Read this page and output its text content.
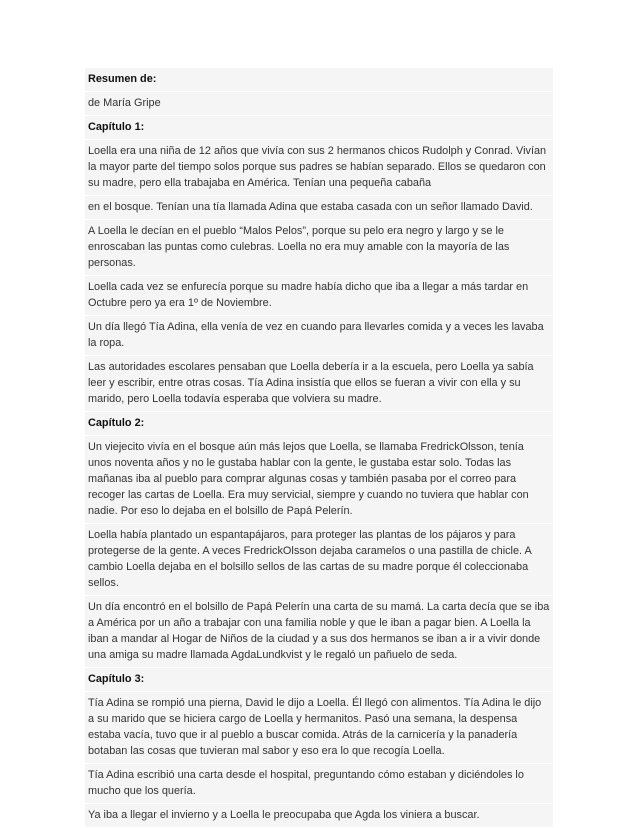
Resumen de:

de María Gripe

Capítulo 1:

Loella era una niña de 12 años que vivía con sus 2 hermanos chicos Rudolph y Conrad. Vivían la mayor parte del tiempo solos porque sus padres se habían separado. Ellos se quedaron con su madre, pero ella trabajaba en América. Tenían una pequeña cabaña

en el bosque. Tenían una tía llamada Adina que estaba casada con un señor llamado David.

A Loella le decían en el pueblo “Malos Pelos”, porque su pelo era negro y largo y se le enroscaban las puntas como culebras. Loella no era muy amable con la mayoría de las personas.

Loella cada vez se enfurecía porque su madre había dicho que iba a llegar a más tardar en Octubre pero ya era 1º de Noviembre.

Un día llegó Tía Adina, ella venía de vez en cuando para llevarles comida y a veces les lavaba la ropa.

Las autoridades escolares pensaban que Loella debería ir a la escuela, pero Loella ya sabía leer y escribir, entre otras cosas. Tía Adina insistía que ellos se fueran a vivir con ella y su marido, pero Loella todavía esperaba que volviera su madre.

Capítulo 2:

Un viejecito vivía en el bosque aún más lejos que Loella, se llamaba FredrickOlsson, tenía unos noventa años y no le gustaba hablar con la gente, le gustaba estar solo. Todas las mañanas iba al pueblo para comprar algunas cosas y también pasaba por el correo para recoger las cartas de Loella. Era muy servicial, siempre y cuando no tuviera que hablar con nadie. Por eso lo dejaba en el bolsillo de Papá Pelerín.

Loella había plantado un espantapájaros, para proteger las plantas de los pájaros y para protegerse de la gente. A veces FredrickOlsson dejaba caramelos o una pastilla de chicle. A cambio Loella dejaba en el bolsillo sellos de las cartas de su madre porque él coleccionaba sellos.

Un día encontró en el bolsillo de Papá Pelerín una carta de su mamá. La carta decía que se iba a América por un año a trabajar con una familia noble y que le iban a pagar bien. A Loella la iban a mandar al Hogar de Niños de la ciudad y a sus dos hermanos se iban a ir a vivir donde una amiga su madre llamada AgdaLundkvist y le regaló un pañuelo de seda.

Capítulo 3:

Tía Adina se rompió una pierna, David le dijo a Loella. Él llegó con alimentos. Tía Adina le dijo a su marido que se hiciera cargo de Loella y hermanitos. Pasó una semana, la despensa estaba vacía, tuvo que ir al pueblo a buscar comida. Atrás de la carnicería y la panadería botaban las cosas que tuvieran mal sabor y eso era lo que recogía Loella.

Tía Adina escribió una carta desde el hospital, preguntando cómo estaban y diciéndoles lo mucho que los quería.

Ya iba a llegar el invierno y a Loella le preocupaba que Agda los viniera a buscar.
